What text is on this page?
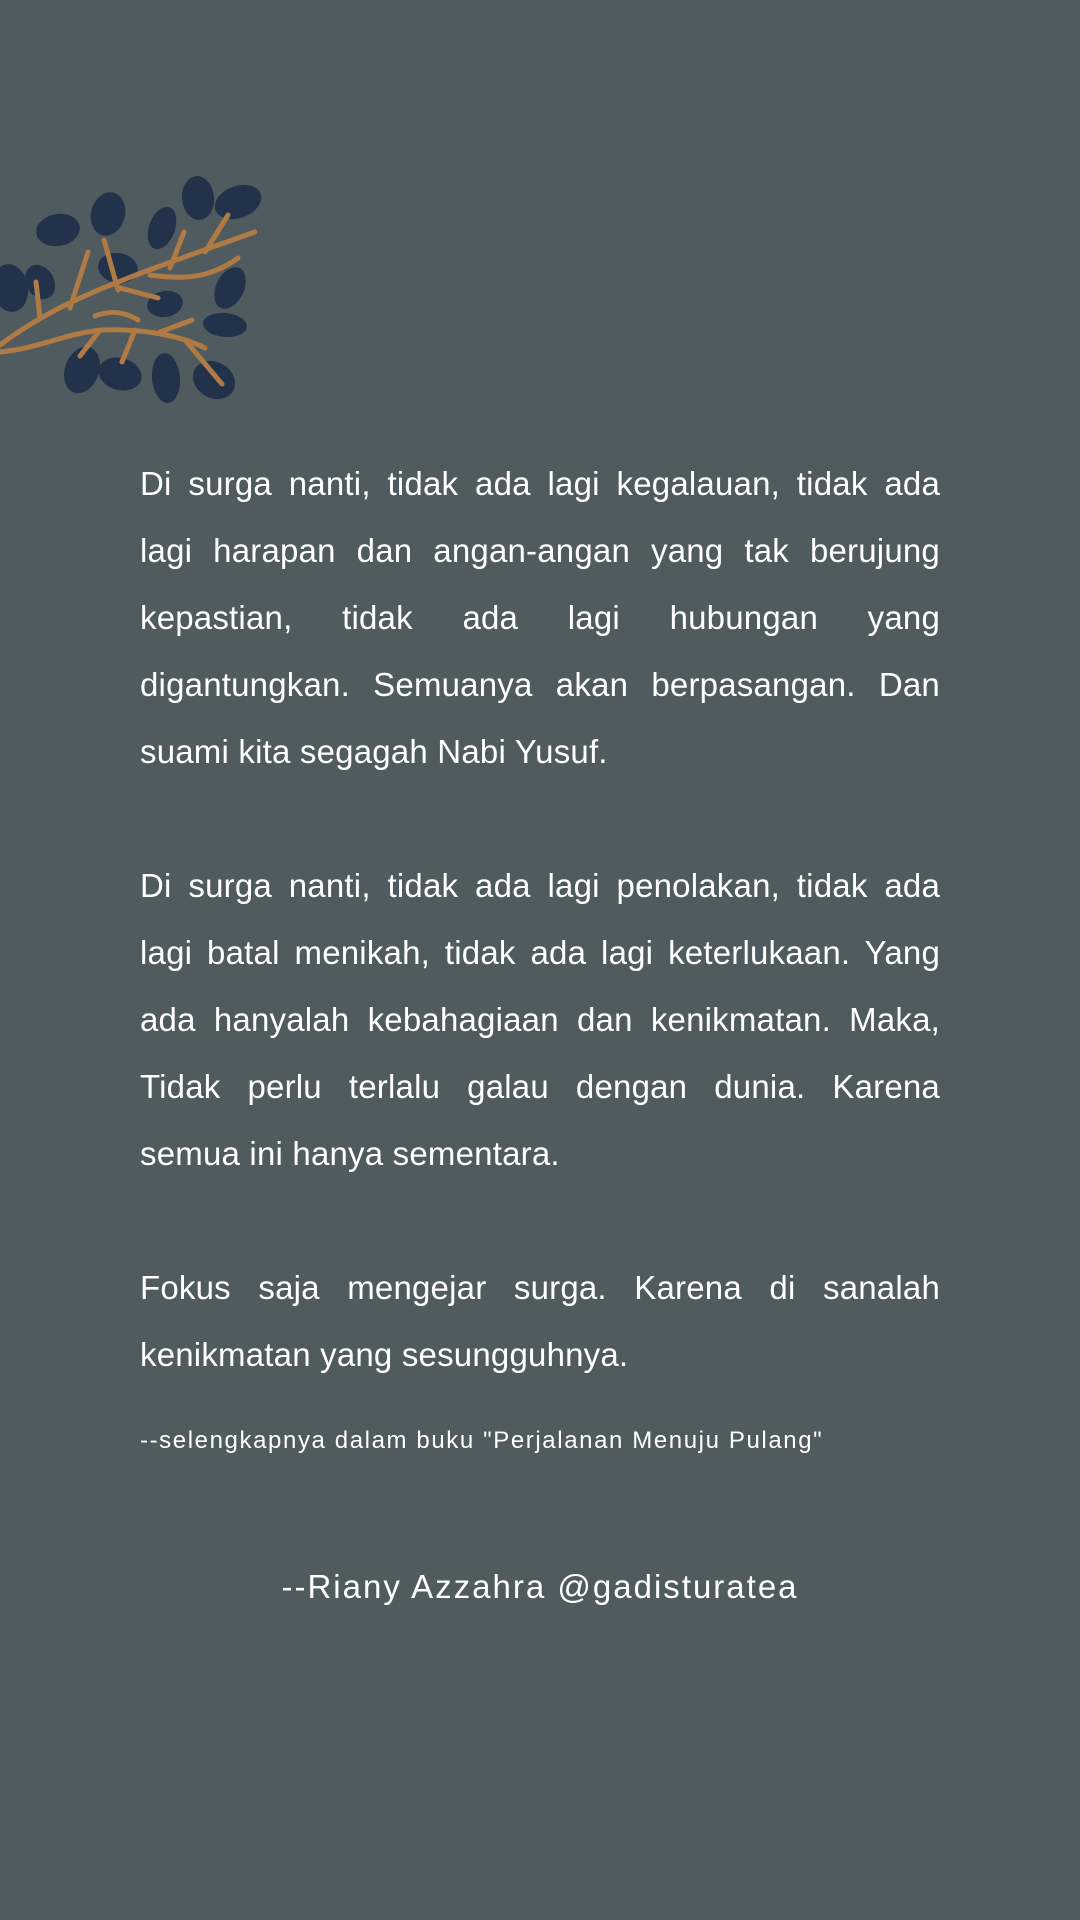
Di surga nanti, tidak ada lagi kegalauan, tidak ada lagi harapan dan angan-angan yang tak berujung kepastian, tidak ada lagi hubungan yang digantungkan. Semuanya akan berpasangan. Dan suami kita segagah Nabi Yusuf.

Di surga nanti, tidak ada lagi penolakan, tidak ada lagi batal menikah, tidak ada lagi keterlukaan. Yang ada hanyalah kebahagiaan dan kenikmatan. Maka, Tidak perlu terlalu galau dengan dunia. Karena semua ini hanya sementara.

Fokus saja mengejar surga. Karena di sanalah kenikmatan yang sesungguhnya.

--selengkapnya dalam buku "Perjalanan Menuju Pulang"
--Riany Azzahra @gadisturatea
